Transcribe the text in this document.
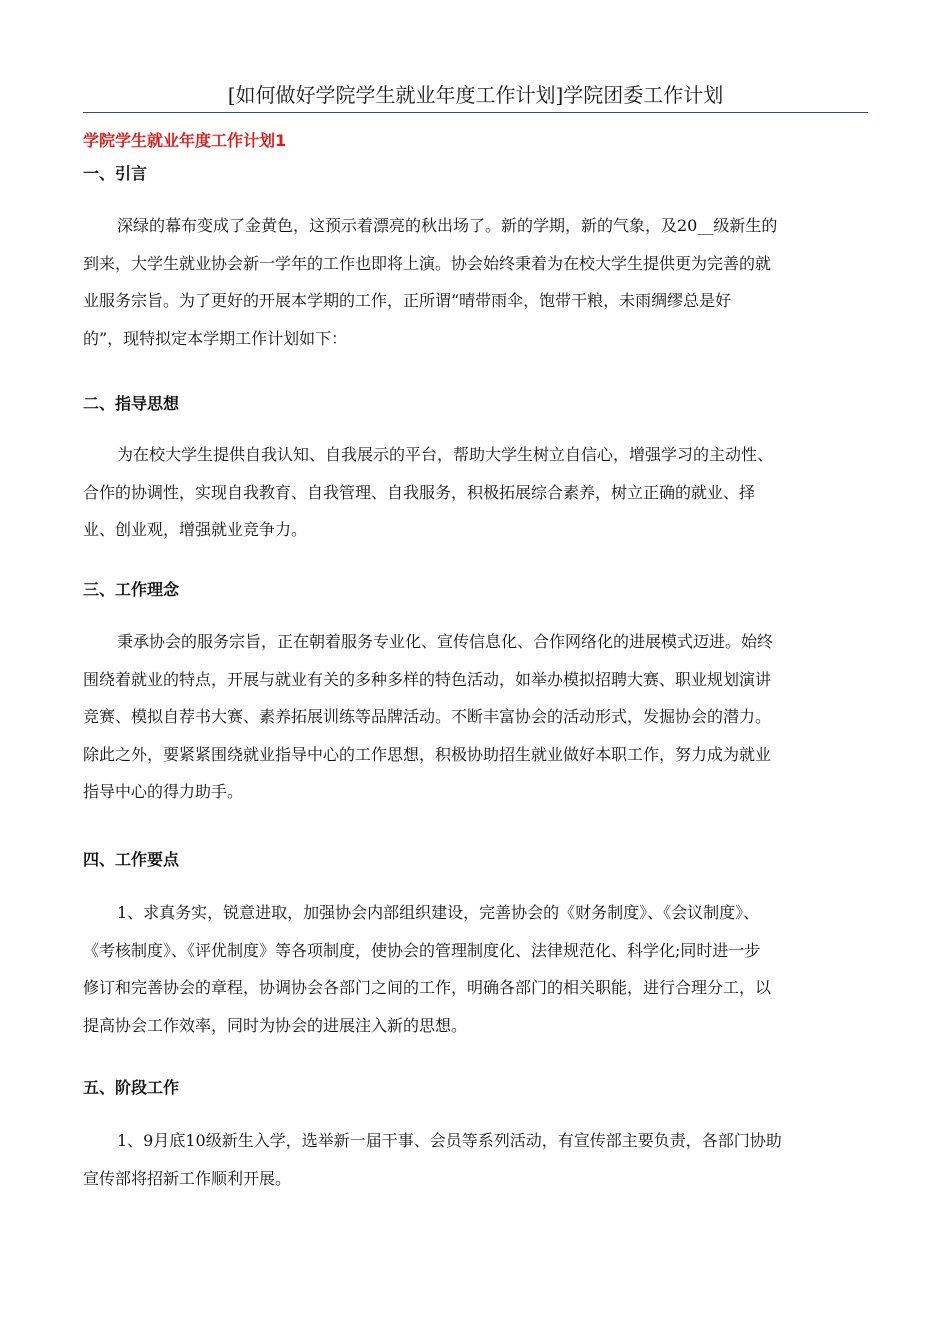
[如何做好学院学生就业年度工作计划]学院团委工作计划
学院学生就业年度工作计划1
一、引言
深绿的幕布变成了金黄色，这预示着漂亮的秋出场了。新的学期，新的气象，及20__级新生的
到来，大学生就业协会新一学年的工作也即将上演。协会始终秉着为在校大学生提供更为完善的就
业服务宗旨。为了更好的开展本学期的工作，正所谓“晴带雨伞，饱带干粮，未雨绸缪总是好
的”，现特拟定本学期工作计划如下：
二、指导思想
为在校大学生提供自我认知、自我展示的平台，帮助大学生树立自信心，增强学习的主动性、
合作的协调性，实现自我教育、自我管理、自我服务，积极拓展综合素养，树立正确的就业、择
业、创业观，增强就业竞争力。
三、工作理念
秉承协会的服务宗旨，正在朝着服务专业化、宣传信息化、合作网络化的进展模式迈进。始终
围绕着就业的特点，开展与就业有关的多种多样的特色活动，如举办模拟招聘大赛、职业规划演讲
竞赛、模拟自荐书大赛、素养拓展训练等品牌活动。不断丰富协会的活动形式，发掘协会的潜力。
除此之外，要紧紧围绕就业指导中心的工作思想，积极协助招生就业做好本职工作，努力成为就业
指导中心的得力助手。
四、工作要点
1、求真务实，锐意进取，加强协会内部组织建设，完善协会的《财务制度》、《会议制度》、
《考核制度》、《评优制度》等各项制度，使协会的管理制度化、法律规范化、科学化;同时进一步
修订和完善协会的章程，协调协会各部门之间的工作，明确各部门的相关职能，进行合理分工，以
提高协会工作效率，同时为协会的进展注入新的思想。
五、阶段工作
1、9月底10级新生入学，选举新一届干事、会员等系列活动，有宣传部主要负责，各部门协助
宣传部将招新工作顺利开展。
